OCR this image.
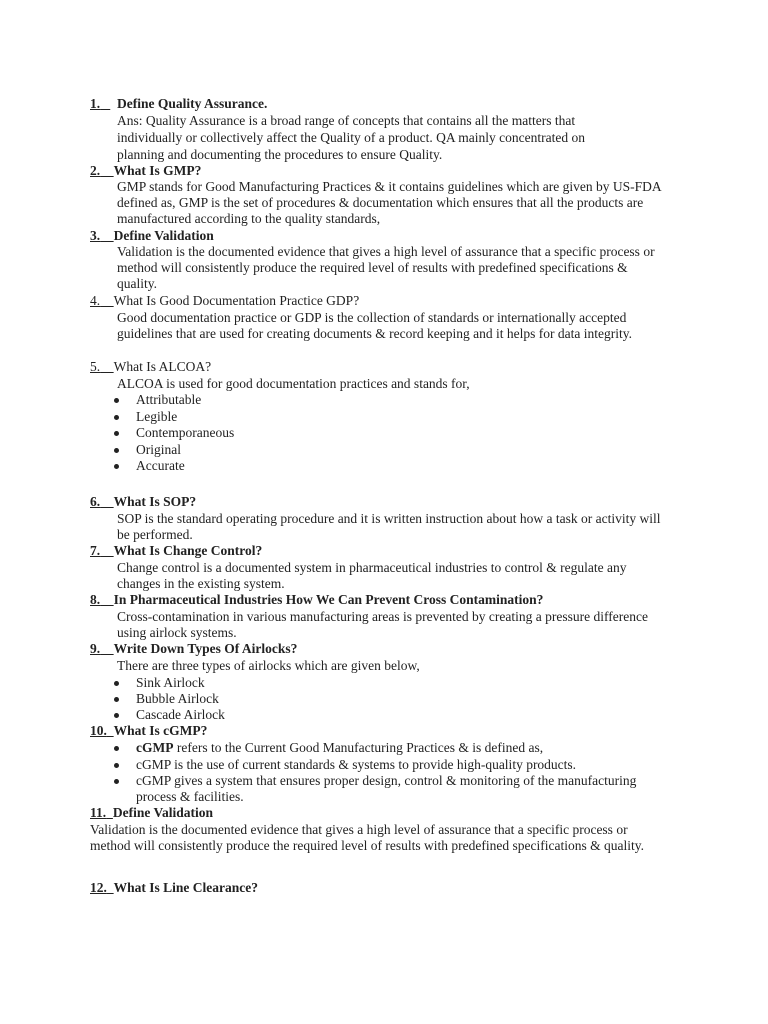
1. Define Quality Assurance.
Ans: Quality Assurance is a broad range of concepts that contains all the matters that
individually or collectively affect the Quality of a product. QA mainly concentrated on
planning and documenting the procedures to ensure Quality.
2. What Is GMP?
GMP stands for Good Manufacturing Practices & it contains guidelines which are given by US-FDA
defined as, GMP is the set of procedures & documentation which ensures that all the products are
manufactured according to the quality standards,
3. Define Validation
Validation is the documented evidence that gives a high level of assurance that a specific process or
method will consistently produce the required level of results with predefined specifications &
quality.
4. What Is Good Documentation Practice GDP?
Good documentation practice or GDP is the collection of standards or internationally accepted
guidelines that are used for creating documents & record keeping and it helps for data integrity.
5. What Is ALCOA?
ALCOA is used for good documentation practices and stands for,
Attributable
Legible
Contemporaneous
Original
Accurate
6. What Is SOP?
SOP is the standard operating procedure and it is written instruction about how a task or activity will
be performed.
7. What Is Change Control?
Change control is a documented system in pharmaceutical industries to control & regulate any
changes in the existing system.
8. In Pharmaceutical Industries How We Can Prevent Cross Contamination?
Cross-contamination in various manufacturing areas is prevented by creating a pressure difference
using airlock systems.
9. Write Down Types Of Airlocks?
There are three types of airlocks which are given below,
Sink Airlock
Bubble Airlock
Cascade Airlock
10. What Is cGMP?
cGMP refers to the Current Good Manufacturing Practices & is defined as,
cGMP is the use of current standards & systems to provide high-quality products.
cGMP gives a system that ensures proper design, control & monitoring of the manufacturing
process & facilities.
11. Define Validation
Validation is the documented evidence that gives a high level of assurance that a specific process or
method will consistently produce the required level of results with predefined specifications & quality.
12. What Is Line Clearance?
